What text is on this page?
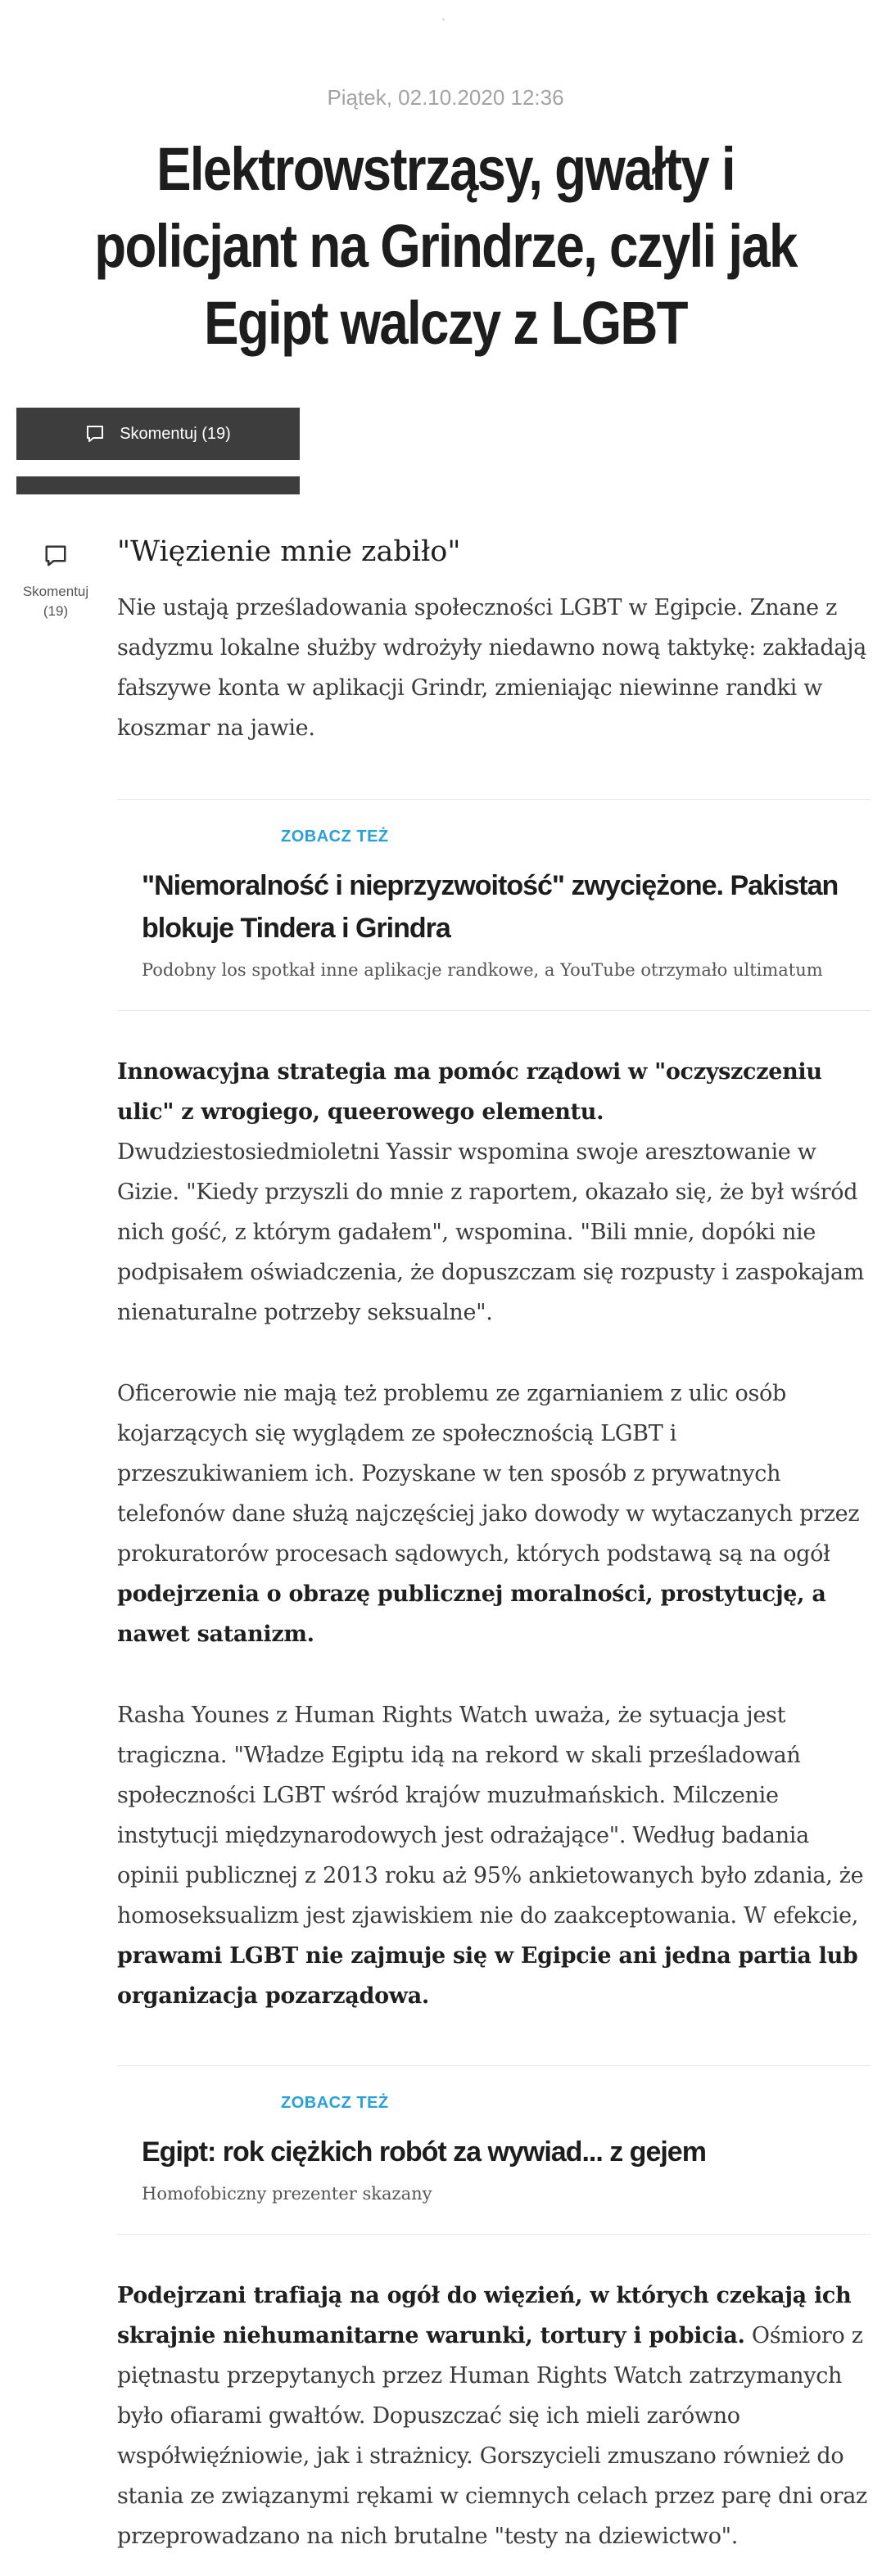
Piątek, 02.10.2020 12:36
Elektrowstrząsy, gwałty i policjant na Grindrze, czyli jak Egipt walczy z LGBT
Skomentuj (19)
Skomentuj
(19)
"Więzienie mnie zabiło"

Nie ustają prześladowania społeczności LGBT w Egipcie. Znane z sadyzmu lokalne służby wdrożyły niedawno nową taktykę: zakładają fałszywe konta w aplikacji Grindr, zmieniając niewinne randki w koszmar na jawie.

ZOBACZ TEŻ
"Niemoralność i nieprzyzwoitość" zwyciężone. Pakistan blokuje Tindera i Grindra
Podobny los spotkał inne aplikacje randkowe, a YouTube otrzymało ultimatum

Innowacyjna strategia ma pomóc rządowi w "oczyszczeniu ulic" z wrogiego, queerowego elementu. Dwudziestosiedmioletni Yassir wspomina swoje aresztowanie w Gizie. "Kiedy przyszli do mnie z raportem, okazało się, że był wśród nich gość, z którym gadałem", wspomina. "Bili mnie, dopóki nie podpisałem oświadczenia, że dopuszczam się rozpusty i zaspokajam nienaturalne potrzeby seksualne".

Oficerowie nie mają też problemu ze zgarnianiem z ulic osób kojarzących się wyglądem ze społecznością LGBT i przeszukiwaniem ich. Pozyskane w ten sposób z prywatnych telefonów dane służą najczęściej jako dowody w wytaczanych przez prokuratorów procesach sądowych, których podstawą są na ogół podejrzenia o obrazę publicznej moralności, prostytucję, a nawet satanizm.

Rasha Younes z Human Rights Watch uważa, że sytuacja jest tragiczna. "Władze Egiptu idą na rekord w skali prześladowań społeczności LGBT wśród krajów muzułmańskich. Milczenie instytucji międzynarodowych jest odrażające". Według badania opinii publicznej z 2013 roku aż 95% ankietowanych było zdania, że homoseksualizm jest zjawiskiem nie do zaakceptowania. W efekcie, prawami LGBT nie zajmuje się w Egipcie ani jedna partia lub organizacja pozarządowa.

ZOBACZ TEŻ
Egipt: rok ciężkich robót za wywiad... z gejem
Homofobiczny prezenter skazany

Podejrzani trafiają na ogół do więzień, w których czekają ich skrajnie niehumanitarne warunki, tortury i pobicia. Ośmioro z piętnastu przepytanych przez Human Rights Watch zatrzymanych było ofiarami gwałtów. Dopuszczać się ich mieli zarówno współwięźniowie, jak i strażnicy. Gorszycieli zmuszano również do stania ze związanymi rękami w ciemnych celach przez parę dni oraz przeprowadzano na nich brutalne "testy na dziewictwo".
